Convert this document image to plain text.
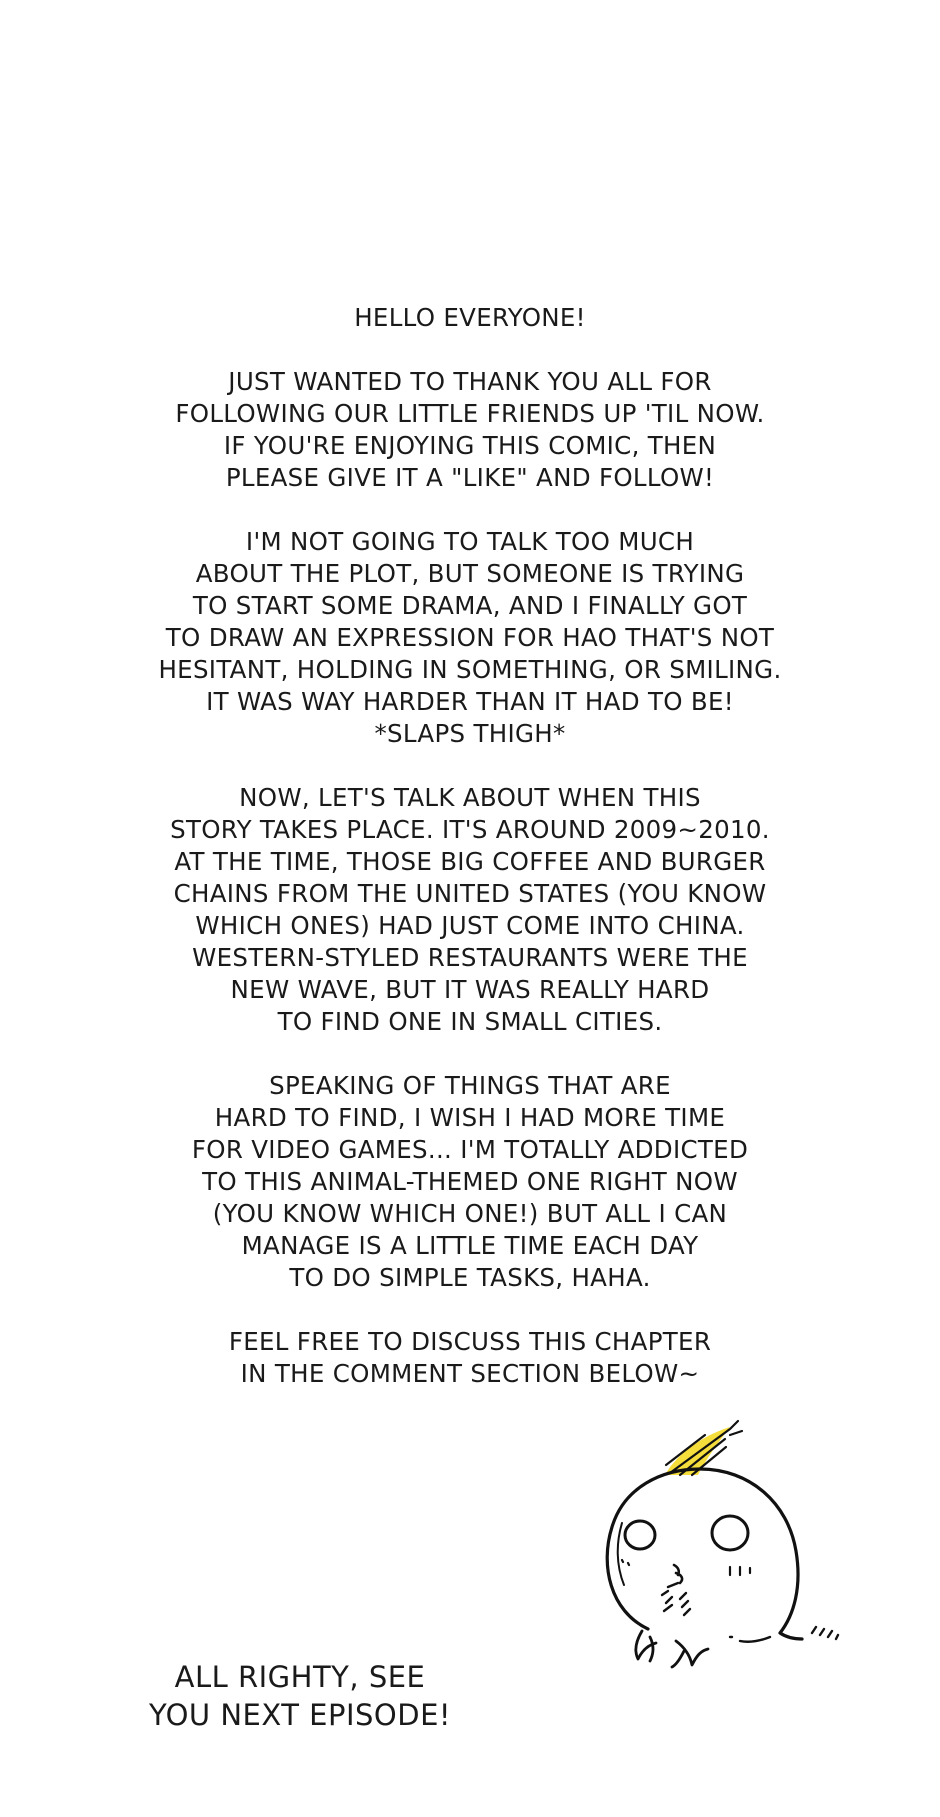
HELLO EVERYONE!

JUST WANTED TO THANK YOU ALL FOR
FOLLOWING OUR LITTLE FRIENDS UP 'TIL NOW.
IF YOU'RE ENJOYING THIS COMIC, THEN
PLEASE GIVE IT A "LIKE" AND FOLLOW!

I'M NOT GOING TO TALK TOO MUCH
ABOUT THE PLOT, BUT SOMEONE IS TRYING
TO START SOME DRAMA, AND I FINALLY GOT
TO DRAW AN EXPRESSION FOR HAO THAT'S NOT
HESITANT, HOLDING IN SOMETHING, OR SMILING.
IT WAS WAY HARDER THAN IT HAD TO BE!
*SLAPS THIGH*

NOW, LET'S TALK ABOUT WHEN THIS
STORY TAKES PLACE. IT'S AROUND 2009~2010.
AT THE TIME, THOSE BIG COFFEE AND BURGER
CHAINS FROM THE UNITED STATES (YOU KNOW
WHICH ONES) HAD JUST COME INTO CHINA.
WESTERN-STYLED RESTAURANTS WERE THE
NEW WAVE, BUT IT WAS REALLY HARD
TO FIND ONE IN SMALL CITIES.

SPEAKING OF THINGS THAT ARE
HARD TO FIND, I WISH I HAD MORE TIME
FOR VIDEO GAMES... I'M TOTALLY ADDICTED
TO THIS ANIMAL-THEMED ONE RIGHT NOW
(YOU KNOW WHICH ONE!) BUT ALL I CAN
MANAGE IS A LITTLE TIME EACH DAY
TO DO SIMPLE TASKS, HAHA.

FEEL FREE TO DISCUSS THIS CHAPTER
IN THE COMMENT SECTION BELOW~

ALL RIGHTY, SEE
YOU NEXT EPISODE!
